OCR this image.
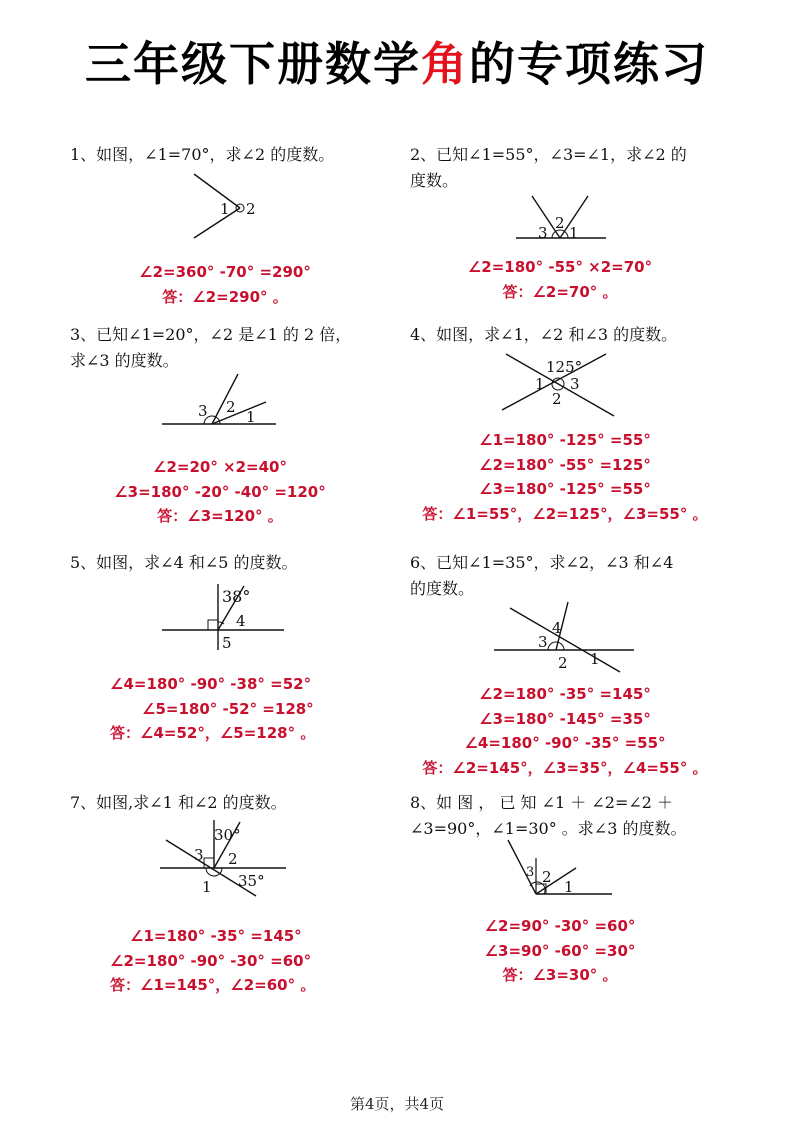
三年级下册数学角的专项练习
1、如图，∠1=70°，求∠2 的度数。
1 2
∠2=360° -70° =290°
答：∠2=290° 。
2、已知∠1=55°，∠3=∠1，求∠2 的
度数。
3
2
1
∠2=180° -55° ×2=70°
答：∠2=70° 。
3、已知∠1=20°，∠2 是∠1 的 2 倍，
求∠3 的度数。
3 2
1
∠2=20° ×2=40°
∠3=180° -20° -40° =120°
答：∠3=120° 。
4、如图，求∠1，∠2 和∠3 的度数。
125°
1 3
2
∠1=180° -125° =55°
∠2=180° -55° =125°
∠3=180° -125° =55°
答：∠1=55°，∠2=125°，∠3=55° 。
5、如图，求∠4 和∠5 的度数。
38°
4
5
∠4=180° -90° -38° =52°
∠5=180° -52° =128°
答：∠4=52°，∠5=128° 。
6、已知∠1=35°，求∠2，∠3 和∠4
的度数。
4
3
2 1
∠2=180° -35° =145°
∠3=180° -145° =35°
∠4=180° -90° -35° =55°
答：∠2=145°，∠3=35°，∠4=55° 。
7、如图,求∠1 和∠2 的度数。
30°
3 2
1 35°
∠1=180° -35° =145°
∠2=180° -90° -30° =60°
答：∠1=145°，∠2=60° 。
8、如 图 ， 已 知 ∠1 ＋ ∠2=∠2 ＋
∠3=90°，∠1=30° 。求∠3 的度数。
3 2
1
∠2=90° -30° =60°
∠3=90° -60° =30°
答：∠3=30° 。
第4页，共4页
